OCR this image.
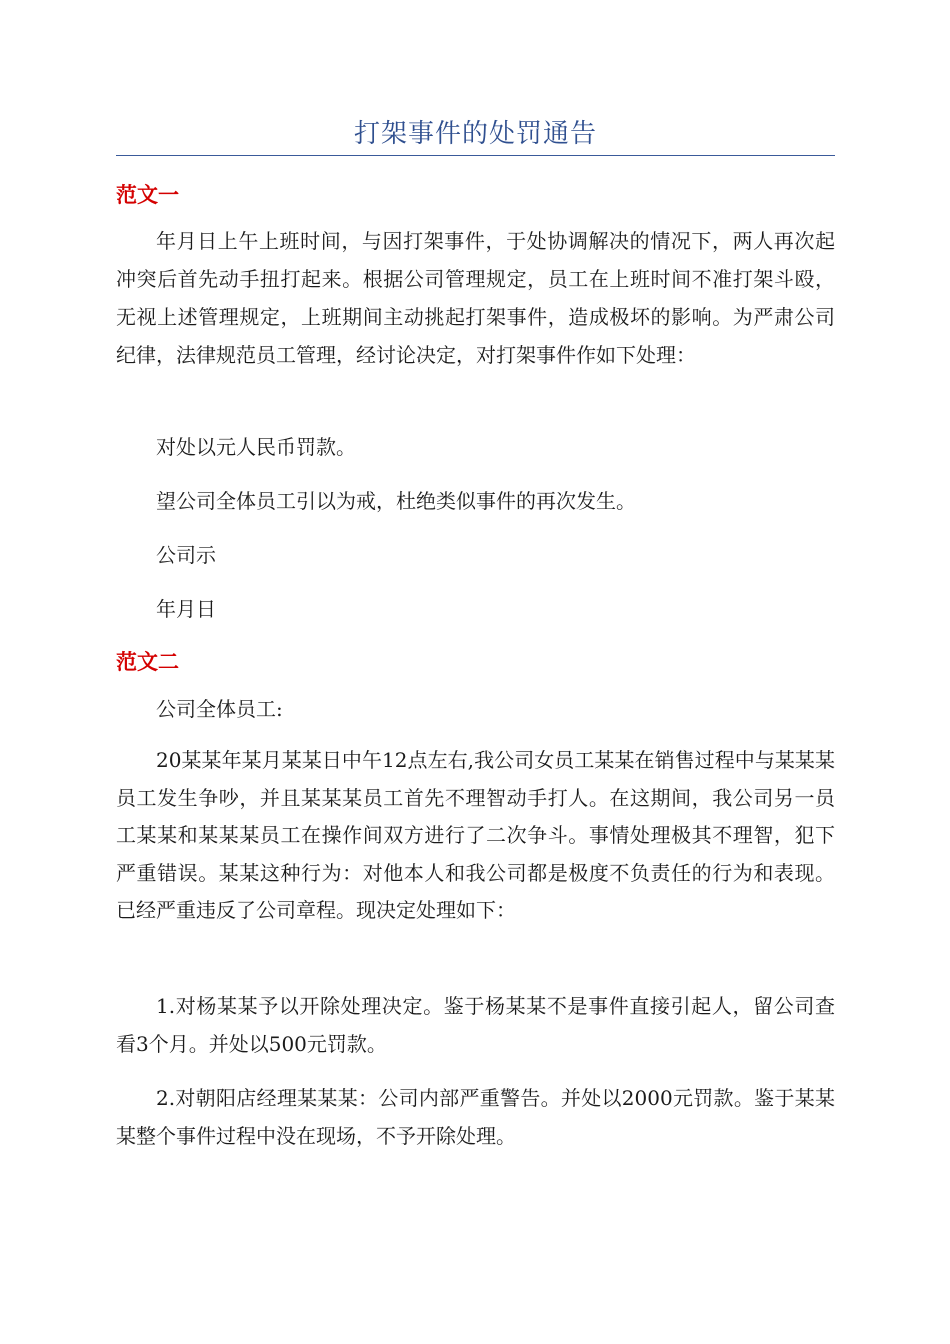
打架事件的处罚通告
范文一

年月日上午上班时间，与因打架事件，于处协调解决的情况下，两人再次起冲突后首先动手扭打起来。根据公司管理规定，员工在上班时间不准打架斗殴，无视上述管理规定，上班期间主动挑起打架事件，造成极坏的影响。为严肃公司纪律，法律规范员工管理，经讨论决定，对打架事件作如下处理：

对处以元人民币罚款。

望公司全体员工引以为戒，杜绝类似事件的再次发生。

公司示

年月日

范文二

公司全体员工:

20某某年某月某某日中午12点左右,我公司女员工某某在销售过程中与某某某员工发生争吵，并且某某某员工首先不理智动手打人。在这期间，我公司另一员工某某和某某某员工在操作间双方进行了二次争斗。事情处理极其不理智，犯下严重错误。某某这种行为：对他本人和我公司都是极度不负责任的行为和表现。已经严重违反了公司章程。现决定处理如下：

1.对杨某某予以开除处理决定。鉴于杨某某不是事件直接引起人，留公司查看3个月。并处以500元罚款。

2.对朝阳店经理某某某：公司内部严重警告。并处以2000元罚款。鉴于某某某整个事件过程中没在现场，不予开除处理。
